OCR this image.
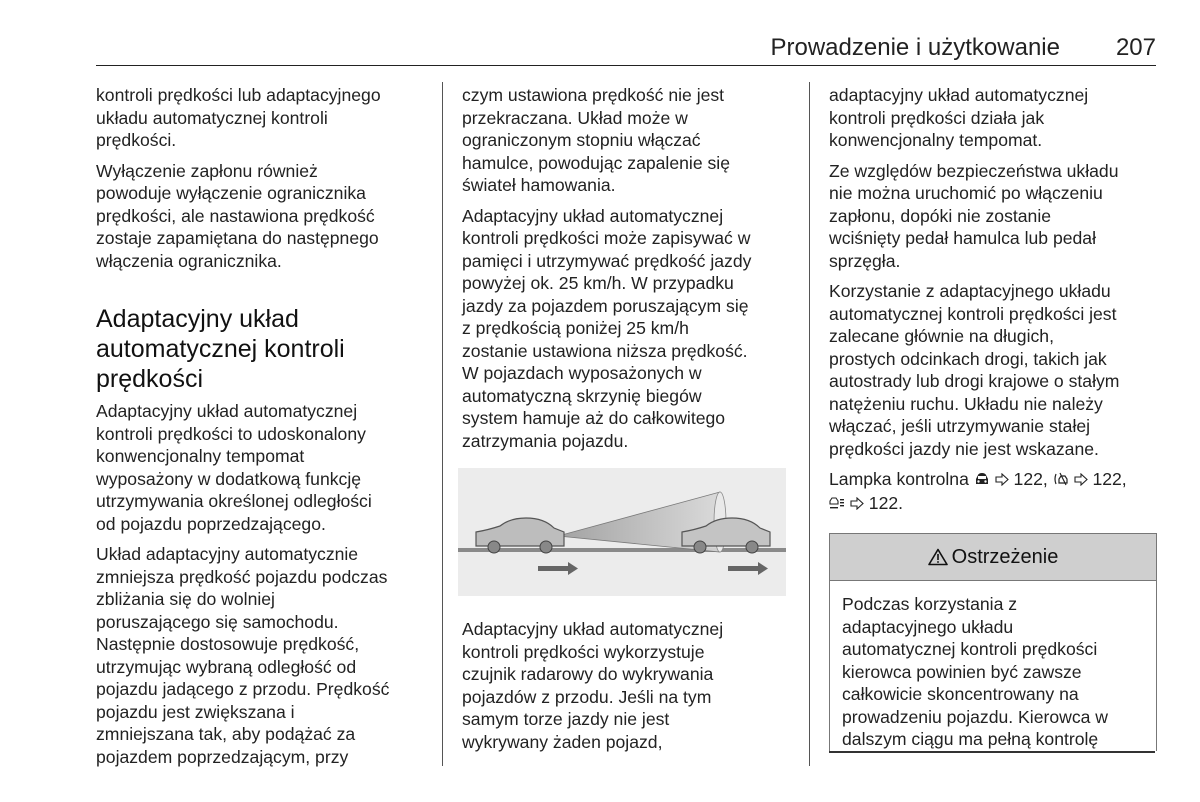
Prowadzenie i użytkowanie 207

kontroli prędkości lub adaptacyjnego
układu automatycznej kontroli
prędkości.

Wyłączenie zapłonu również
powoduje wyłączenie ogranicznika
prędkości, ale nastawiona prędkość
zostaje zapamiętana do następnego
włączenia ogranicznika.

Adaptacyjny układ
automatycznej kontroli
prędkości

Adaptacyjny układ automatycznej
kontroli prędkości to udoskonalony
konwencjonalny tempomat
wyposażony w dodatkową funkcję
utrzymywania określonej odległości
od pojazdu poprzedzającego.

Układ adaptacyjny automatycznie
zmniejsza prędkość pojazdu podczas
zbliżania się do wolniej
poruszającego się samochodu.
Następnie dostosowuje prędkość,
utrzymując wybraną odległość od
pojazdu jadącego z przodu. Prędkość
pojazdu jest zwiększana i
zmniejszana tak, aby podążać za
pojazdem poprzedzającym, przy

czym ustawiona prędkość nie jest
przekraczana. Układ może w
ograniczonym stopniu włączać
hamulce, powodując zapalenie się
świateł hamowania.

Adaptacyjny układ automatycznej
kontroli prędkości może zapisywać w
pamięci i utrzymywać prędkość jazdy
powyżej ok. 25 km/h. W przypadku
jazdy za pojazdem poruszającym się
z prędkością poniżej 25 km/h
zostanie ustawiona niższa prędkość.
W pojazdach wyposażonych w
automatyczną skrzynię biegów
system hamuje aż do całkowitego
zatrzymania pojazdu.

Adaptacyjny układ automatycznej
kontroli prędkości wykorzystuje
czujnik radarowy do wykrywania
pojazdów z przodu. Jeśli na tym
samym torze jazdy nie jest
wykrywany żaden pojazd,

adaptacyjny układ automatycznej
kontroli prędkości działa jak
konwencjonalny tempomat.

Ze względów bezpieczeństwa układu
nie można uruchomić po włączeniu
zapłonu, dopóki nie zostanie
wciśnięty pedał hamulca lub pedał
sprzęgła.

Korzystanie z adaptacyjnego układu
automatycznej kontroli prędkości jest
zalecane głównie na długich,
prostych odcinkach drogi, takich jak
autostrady lub drogi krajowe o stałym
natężeniu ruchu. Układu nie należy
włączać, jeśli utrzymywanie stałej
prędkości jazdy nie jest wskazane.

Lampka kontrolna	122,	122,
122.

Ostrzeżenie
Podczas korzystania z
adaptacyjnego układu
automatycznej kontroli prędkości
kierowca powinien być zawsze
całkowicie skoncentrowany na
prowadzeniu pojazdu. Kierowca w
dalszym ciągu ma pełną kontrolę
